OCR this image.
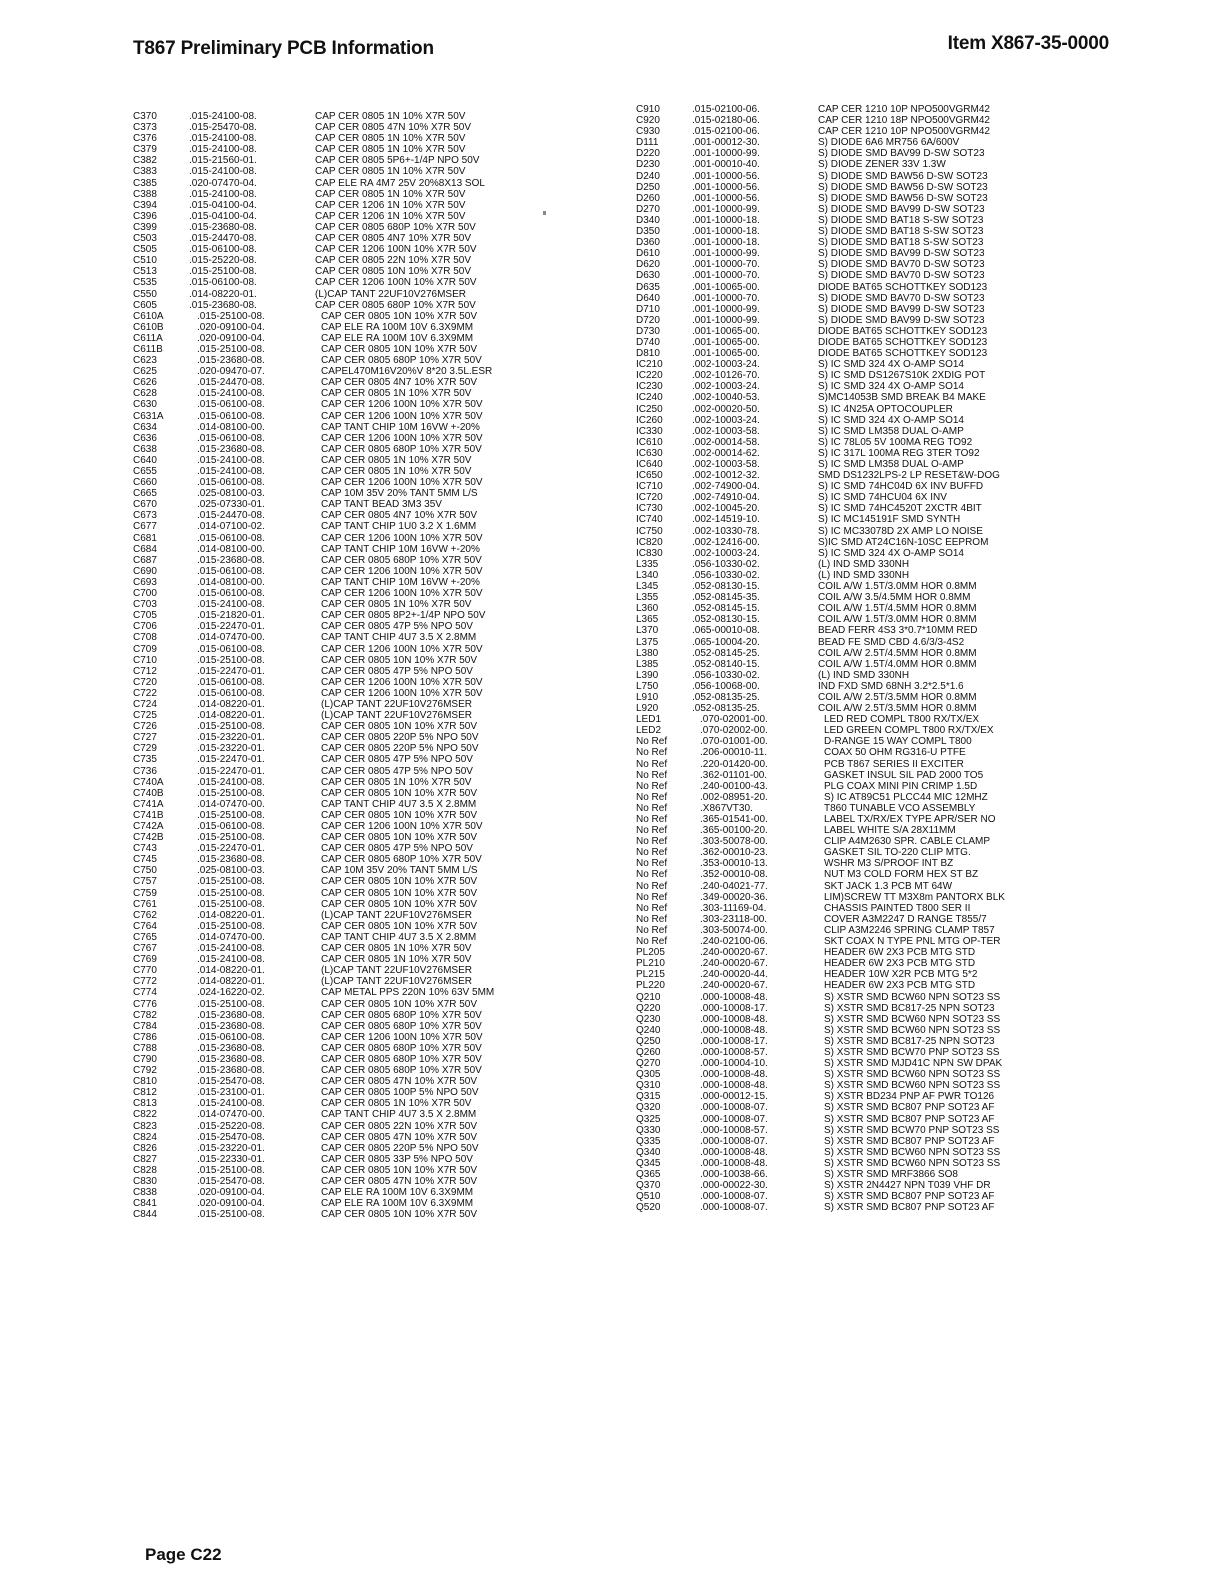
T867 Preliminary PCB Information	Item X867-35-0000
C370	.015-24100-08.	CAP CER 0805 1N 10% X7R 50V
C373	.015-25470-08.	CAP CER 0805 47N 10% X7R 50V
C376	.015-24100-08.	CAP CER 0805 1N 10% X7R 50V
C379	.015-24100-08.	CAP CER 0805 1N 10% X7R 50V
C382	.015-21560-01.	CAP CER 0805 5P6+-1/4P NPO 50V
C383	.015-24100-08.	CAP CER 0805 1N 10% X7R 50V
C385	.020-07470-04.	CAP ELE RA 4M7 25V 20%8X13 SOL
C388	.015-24100-08.	CAP CER 0805 1N 10% X7R 50V
C394	.015-04100-04.	CAP CER 1206 1N 10% X7R 50V
C396	.015-04100-04.	CAP CER 1206 1N 10% X7R 50V
C399	.015-23680-08.	CAP CER 0805 680P 10% X7R 50V
C503	.015-24470-08.	CAP CER 0805 4N7 10% X7R 50V
C505	.015-06100-08.	CAP CER 1206 100N 10% X7R 50V
C510	.015-25220-08.	CAP CER 0805 22N 10% X7R 50V
C513	.015-25100-08.	CAP CER 0805 10N 10% X7R 50V
C535	.015-06100-08.	CAP CER 1206 100N 10% X7R 50V
C550	.014-08220-01.	(L)CAP TANT 22UF10V276MSER
C605	.015-23680-08.	CAP CER 0805 680P 10% X7R 50V
C610A	.015-25100-08.	CAP CER 0805 10N 10% X7R 50V
C610B	.020-09100-04.	CAP ELE RA 100M 10V 6.3X9MM
C611A	.020-09100-04.	CAP ELE RA 100M 10V 6.3X9MM
C611B	.015-25100-08.	CAP CER 0805 10N 10% X7R 50V
C623	.015-23680-08.	CAP CER 0805 680P 10% X7R 50V
C625	.020-09470-07.	CAPEL470M16V20%V 8*20 3.5L.ESR
C626	.015-24470-08.	CAP CER 0805 4N7 10% X7R 50V
C628	.015-24100-08.	CAP CER 0805 1N 10% X7R 50V
C630	.015-06100-08.	CAP CER 1206 100N 10% X7R 50V
C631A	.015-06100-08.	CAP CER 1206 100N 10% X7R 50V
C634	.014-08100-00.	CAP TANT CHIP 10M 16VW +-20%
C636	.015-06100-08.	CAP CER 1206 100N 10% X7R 50V
C638	.015-23680-08.	CAP CER 0805 680P 10% X7R 50V
C640	.015-24100-08.	CAP CER 0805 1N 10% X7R 50V
C655	.015-24100-08.	CAP CER 0805 1N 10% X7R 50V
C660	.015-06100-08.	CAP CER 1206 100N 10% X7R 50V
C665	.025-08100-03.	CAP 10M 35V 20% TANT 5MM L/S
C670	.025-07330-01.	CAP TANT BEAD 3M3 35V
C673	.015-24470-08.	CAP CER 0805 4N7 10% X7R 50V
C677	.014-07100-02.	CAP TANT CHIP 1U0 3.2 X 1.6MM
C681	.015-06100-08.	CAP CER 1206 100N 10% X7R 50V
C684	.014-08100-00.	CAP TANT CHIP 10M 16VW +-20%
C687	.015-23680-08.	CAP CER 0805 680P 10% X7R 50V
C690	.015-06100-08.	CAP CER 1206 100N 10% X7R 50V
C693	.014-08100-00.	CAP TANT CHIP 10M 16VW +-20%
C700	.015-06100-08.	CAP CER 1206 100N 10% X7R 50V
C703	.015-24100-08.	CAP CER 0805 1N 10% X7R 50V
C705	.015-21820-01.	CAP CER 0805 8P2+-1/4P NPO 50V
C706	.015-22470-01.	CAP CER 0805 47P 5% NPO 50V
C708	.014-07470-00.	CAP TANT CHIP 4U7 3.5 X 2.8MM
C709	.015-06100-08.	CAP CER 1206 100N 10% X7R 50V
C710	.015-25100-08.	CAP CER 0805 10N 10% X7R 50V
C712	.015-22470-01.	CAP CER 0805 47P 5% NPO 50V
C720	.015-06100-08.	CAP CER 1206 100N 10% X7R 50V
C722	.015-06100-08.	CAP CER 1206 100N 10% X7R 50V
C724	.014-08220-01.	(L)CAP TANT 22UF10V276MSER
C725	.014-08220-01.	(L)CAP TANT 22UF10V276MSER
C726	.015-25100-08.	CAP CER 0805 10N 10% X7R 50V
C727	.015-23220-01.	CAP CER 0805 220P 5% NPO 50V
C729	.015-23220-01.	CAP CER 0805 220P 5% NPO 50V
C735	.015-22470-01.	CAP CER 0805 47P 5% NPO 50V
C736	.015-22470-01.	CAP CER 0805 47P 5% NPO 50V
C740A	.015-24100-08.	CAP CER 0805 1N 10% X7R 50V
C740B	.015-25100-08.	CAP CER 0805 10N 10% X7R 50V
C741A	.014-07470-00.	CAP TANT CHIP 4U7 3.5 X 2.8MM
C741B	.015-25100-08.	CAP CER 0805 10N 10% X7R 50V
C742A	.015-06100-08.	CAP CER 1206 100N 10% X7R 50V
C742B	.015-25100-08.	CAP CER 0805 10N 10% X7R 50V
C743	.015-22470-01.	CAP CER 0805 47P 5% NPO 50V
C745	.015-23680-08.	CAP CER 0805 680P 10% X7R 50V
C750	.025-08100-03.	CAP 10M 35V 20% TANT 5MM L/S
C757	.015-25100-08.	CAP CER 0805 10N 10% X7R 50V
C759	.015-25100-08.	CAP CER 0805 10N 10% X7R 50V
C761	.015-25100-08.	CAP CER 0805 10N 10% X7R 50V
C762	.014-08220-01.	(L)CAP TANT 22UF10V276MSER
C764	.015-25100-08.	CAP CER 0805 10N 10% X7R 50V
C765	.014-07470-00.	CAP TANT CHIP 4U7 3.5 X 2.8MM
C767	.015-24100-08.	CAP CER 0805 1N 10% X7R 50V
C769	.015-24100-08.	CAP CER 0805 1N 10% X7R 50V
C770	.014-08220-01.	(L)CAP TANT 22UF10V276MSER
C772	.014-08220-01.	(L)CAP TANT 22UF10V276MSER
C774	.024-16220-02.	CAP METAL PPS 220N 10% 63V 5MM
C776	.015-25100-08.	CAP CER 0805 10N 10% X7R 50V
C782	.015-23680-08.	CAP CER 0805 680P 10% X7R 50V
C784	.015-23680-08.	CAP CER 0805 680P 10% X7R 50V
C786	.015-06100-08.	CAP CER 1206 100N 10% X7R 50V
C788	.015-23680-08.	CAP CER 0805 680P 10% X7R 50V
C790	.015-23680-08.	CAP CER 0805 680P 10% X7R 50V
C792	.015-23680-08.	CAP CER 0805 680P 10% X7R 50V
C810	.015-25470-08.	CAP CER 0805 47N 10% X7R 50V
C812	.015-23100-01.	CAP CER 0805 100P 5% NPO 50V
C813	.015-24100-08.	CAP CER 0805 1N 10% X7R 50V
C822	.014-07470-00.	CAP TANT CHIP 4U7 3.5 X 2.8MM
C823	.015-25220-08.	CAP CER 0805 22N 10% X7R 50V
C824	.015-25470-08.	CAP CER 0805 47N 10% X7R 50V
C826	.015-23220-01.	CAP CER 0805 220P 5% NPO 50V
C827	.015-22330-01.	CAP CER 0805 33P 5% NPO 50V
C828	.015-25100-08.	CAP CER 0805 10N 10% X7R 50V
C830	.015-25470-08.	CAP CER 0805 47N 10% X7R 50V
C838	.020-09100-04.	CAP ELE RA 100M 10V 6.3X9MM
C841	.020-09100-04.	CAP ELE RA 100M 10V 6.3X9MM
C844	.015-25100-08.	CAP CER 0805 10N 10% X7R 50V
C910	.015-02100-06.	CAP CER 1210 10P NPO500VGRM42
C920	.015-02180-06.	CAP CER 1210 18P NPO500VGRM42
C930	.015-02100-06.	CAP CER 1210 10P NPO500VGRM42
D111	.001-00012-30.	S) DIODE 6A6 MR756 6A/600V
D220	.001-10000-99.	S) DIODE SMD BAV99 D-SW SOT23
D230	.001-00010-40.	S) DIODE ZENER 33V 1.3W
D240	.001-10000-56.	S) DIODE SMD BAW56 D-SW SOT23
D250	.001-10000-56.	S) DIODE SMD BAW56 D-SW SOT23
D260	.001-10000-56.	S) DIODE SMD BAW56 D-SW SOT23
D270	.001-10000-99.	S) DIODE SMD BAV99 D-SW SOT23
D340	.001-10000-18.	S) DIODE SMD BAT18 S-SW SOT23
D350	.001-10000-18.	S) DIODE SMD BAT18 S-SW SOT23
D360	.001-10000-18.	S) DIODE SMD BAT18 S-SW SOT23
D610	.001-10000-99.	S) DIODE SMD BAV99 D-SW SOT23
D620	.001-10000-70.	S) DIODE SMD BAV70 D-SW SOT23
D630	.001-10000-70.	S) DIODE SMD BAV70 D-SW SOT23
D635	.001-10065-00.	DIODE BAT65 SCHOTTKEY SOD123
D640	.001-10000-70.	S) DIODE SMD BAV70 D-SW SOT23
D710	.001-10000-99.	S) DIODE SMD BAV99 D-SW SOT23
D720	.001-10000-99.	S) DIODE SMD BAV99 D-SW SOT23
D730	.001-10065-00.	DIODE BAT65 SCHOTTKEY SOD123
D740	.001-10065-00.	DIODE BAT65 SCHOTTKEY SOD123
D810	.001-10065-00.	DIODE BAT65 SCHOTTKEY SOD123
IC210	.002-10003-24.	S) IC SMD 324 4X O-AMP SO14
IC220	.002-10126-70.	S) IC SMD DS1267S10K 2XDIG POT
IC230	.002-10003-24.	S) IC SMD 324 4X O-AMP SO14
IC240	.002-10040-53.	S)MC14053B SMD BREAK B4 MAKE
IC250	.002-00020-50.	S) IC 4N25A OPTOCOUPLER
IC260	.002-10003-24.	S) IC SMD 324 4X O-AMP SO14
IC330	.002-10003-58.	S) IC SMD LM358 DUAL O-AMP
IC610	.002-00014-58.	S) IC 78L05 5V 100MA REG TO92
IC630	.002-00014-62.	S) IC 317L 100MA REG 3TER TO92
IC640	.002-10003-58.	S) IC SMD LM358 DUAL O-AMP
IC650	.002-10012-32.	SMD DS1232LPS-2 LP RESET&W-DOG
IC710	.002-74900-04.	S) IC SMD 74HC04D 6X INV BUFFD
IC720	.002-74910-04.	S) IC SMD 74HCU04 6X INV
IC730	.002-10045-20.	S) IC SMD 74HC4520T 2XCTR 4BIT
IC740	.002-14519-10.	S) IC MC145191F SMD SYNTH
IC750	.002-10330-78.	S) IC MC33078D 2X AMP LO NOISE
IC820	.002-12416-00.	S)IC SMD AT24C16N-10SC EEPROM
IC830	.002-10003-24.	S) IC SMD 324 4X O-AMP SO14
L335	.056-10330-02.	(L) IND SMD 330NH
L340	.056-10330-02.	(L) IND SMD 330NH
L345	.052-08130-15.	COIL A/W 1.5T/3.0MM HOR 0.8MM
L355	.052-08145-35.	COIL A/W 3.5/4.5MM HOR 0.8MM
L360	.052-08145-15.	COIL A/W 1.5T/4.5MM HOR 0.8MM
L365	.052-08130-15.	COIL A/W 1.5T/3.0MM HOR 0.8MM
L370	.065-00010-08.	BEAD FERR 4S3 3*0.7*10MM RED
L375	.065-10004-20.	BEAD FE SMD CBD 4.6/3/3-4S2
L380	.052-08145-25.	COIL A/W 2.5T/4.5MM HOR 0.8MM
L385	.052-08140-15.	COIL A/W 1.5T/4.0MM HOR 0.8MM
L390	.056-10330-02.	(L) IND SMD 330NH
L750	.056-10068-00.	IND FXD SMD 68NH 3.2*2.5*1.6
L910	.052-08135-25.	COIL A/W 2.5T/3.5MM HOR 0.8MM
L920	.052-08135-25.	COIL A/W 2.5T/3.5MM HOR 0.8MM
LED1	.070-02001-00.	LED RED COMPL T800 RX/TX/EX
LED2	.070-02002-00.	LED GREEN COMPL T800 RX/TX/EX
No Ref	.070-01001-00.	D-RANGE 15 WAY COMPL T800
No Ref	.206-00010-11.	COAX 50 OHM RG316-U PTFE
No Ref	.220-01420-00.	PCB T867 SERIES II EXCITER
No Ref	.362-01101-00.	GASKET INSUL SIL PAD 2000 TO5
No Ref	.240-00100-43.	PLG COAX MINI PIN CRIMP 1.5D
No Ref	.002-08951-20.	S) IC AT89C51 PLCC44 MIC 12MHZ
No Ref	.X867VT30.	T860 TUNABLE VCO ASSEMBLY
No Ref	.365-01541-00.	LABEL TX/RX/EX TYPE APR/SER NO
No Ref	.365-00100-20.	LABEL WHITE S/A 28X11MM
No Ref	.303-50078-00.	CLIP A4M2630 SPR. CABLE CLAMP
No Ref	.362-00010-23.	GASKET SIL TO-220 CLIP MTG.
No Ref	.353-00010-13.	WSHR M3 S/PROOF INT BZ
No Ref	.352-00010-08.	NUT M3 COLD FORM HEX ST BZ
No Ref	.240-04021-77.	SKT JACK 1.3 PCB MT 64W
No Ref	.349-00020-36.	LIM)SCREW TT M3X8m PANTORX BLK
No Ref	.303-11169-04.	CHASSIS PAINTED T800 SER II
No Ref	.303-23118-00.	COVER A3M2247 D RANGE T855/7
No Ref	.303-50074-00.	CLIP A3M2246 SPRING CLAMP T857
No Ref	.240-02100-06.	SKT COAX N TYPE PNL MTG OP-TER
PL205	.240-00020-67.	HEADER 6W 2X3 PCB MTG STD
PL210	.240-00020-67.	HEADER 6W 2X3 PCB MTG STD
PL215	.240-00020-44.	HEADER 10W X2R PCB MTG 5*2
PL220	.240-00020-67.	HEADER 6W 2X3 PCB MTG STD
Q210	.000-10008-48.	S) XSTR SMD BCW60 NPN SOT23 SS
Q220	.000-10008-17.	S) XSTR SMD BC817-25 NPN SOT23
Q230	.000-10008-48.	S) XSTR SMD BCW60 NPN SOT23 SS
Q240	.000-10008-48.	S) XSTR SMD BCW60 NPN SOT23 SS
Q250	.000-10008-17.	S) XSTR SMD BC817-25 NPN SOT23
Q260	.000-10008-57.	S) XSTR SMD BCW70 PNP SOT23 SS
Q270	.000-10004-10.	S) XSTR SMD MJD41C NPN SW DPAK
Q305	.000-10008-48.	S) XSTR SMD BCW60 NPN SOT23 SS
Q310	.000-10008-48.	S) XSTR SMD BCW60 NPN SOT23 SS
Q315	.000-00012-15.	S) XSTR BD234 PNP AF PWR TO126
Q320	.000-10008-07.	S) XSTR SMD BC807 PNP SOT23 AF
Q325	.000-10008-07.	S) XSTR SMD BC807 PNP SOT23 AF
Q330	.000-10008-57.	S) XSTR SMD BCW70 PNP SOT23 SS
Q335	.000-10008-07.	S) XSTR SMD BC807 PNP SOT23 AF
Q340	.000-10008-48.	S) XSTR SMD BCW60 NPN SOT23 SS
Q345	.000-10008-48.	S) XSTR SMD BCW60 NPN SOT23 SS
Q365	.000-10038-66.	S) XSTR SMD MRF3866 SO8
Q370	.000-00022-30.	S) XSTR 2N4427 NPN T039 VHF DR
Q510	.000-10008-07.	S) XSTR SMD BC807 PNP SOT23 AF
Q520	.000-10008-07.	S) XSTR SMD BC807 PNP SOT23 AF
Page C22
